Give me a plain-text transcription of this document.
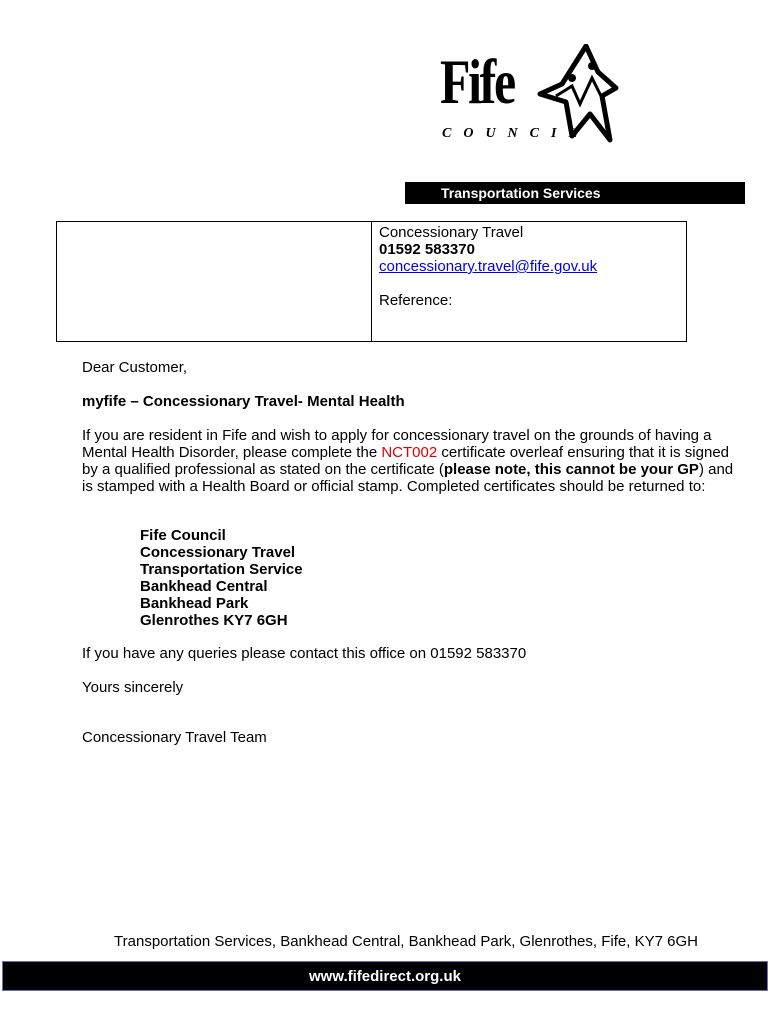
Fife
COUNCIL
Transportation Services
Concessionary Travel
01592 583370
concessionary.travel@fife.gov.uk
Reference:
Dear Customer,
myfife – Concessionary Travel- Mental Health
If you are resident in Fife and wish to apply for concessionary travel on the grounds of having a Mental Health Disorder, please complete the NCT002 certificate overleaf ensuring that it is signed by a qualified professional as stated on the certificate (please note, this cannot be your GP) and is stamped with a Health Board or official stamp. Completed certificates should be returned to:
Fife Council
Concessionary Travel
Transportation Service
Bankhead Central
Bankhead Park
Glenrothes KY7 6GH
If you have any queries please contact this office on 01592 583370
Yours sincerely
Concessionary Travel Team
Transportation Services, Bankhead Central, Bankhead Park, Glenrothes, Fife, KY7 6GH
www.fifedirect.org.uk
